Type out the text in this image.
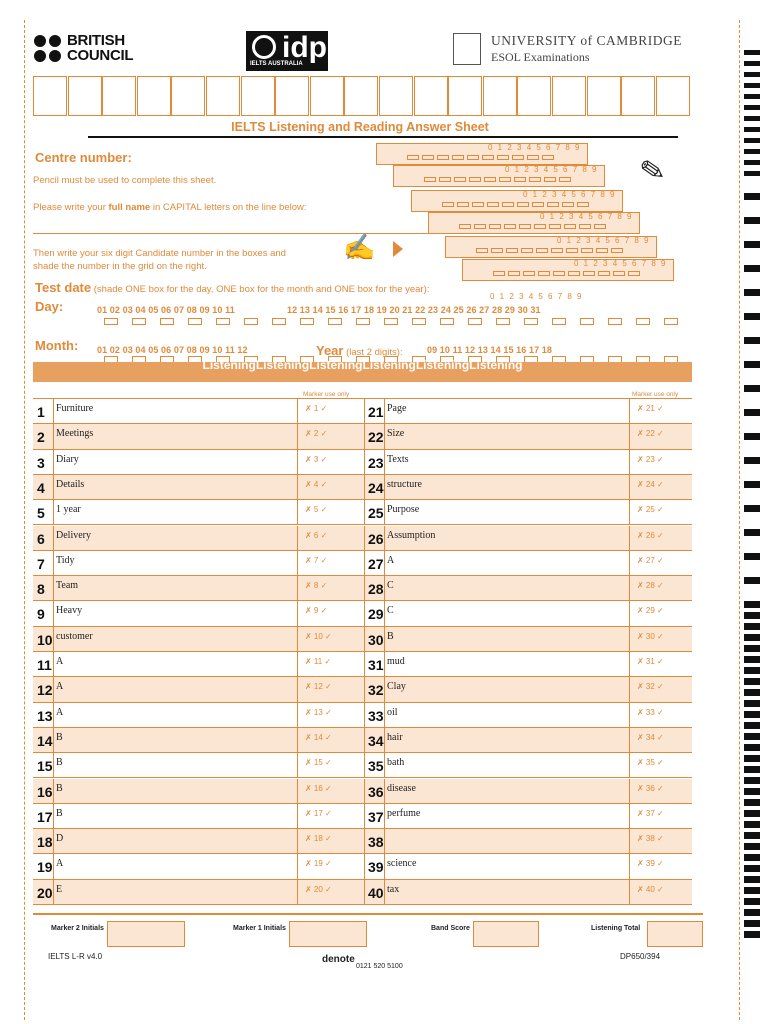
BRITISH
COUNCIL	idp
IELTS AUSTRALIA
UNIVERSITY of CAMBRIDGE
ESOL Examinations
IELTS Listening and Reading Answer Sheet
Centre number:
Pencil must be used to complete this sheet.
Please write your full name in CAPITAL letters on the line below:
Then write your six digit Candidate number in the boxes and
shade the number in the grid on the right.
✍
✎
0 1 2 3 4 5 6 7 8 9
0 1 2 3 4 5 6 7 8 9
0 1 2 3 4 5 6 7 8 9
0 1 2 3 4 5 6 7 8 9
0 1 2 3 4 5 6 7 8 9
0 1 2 3 4 5 6 7 8 9
0 1 2 3 4 5 6 7 8 9
Test date (shade ONE box for the day, ONE box for the month and ONE box for the year):
Day:	01 02 03 04 05 06 07 08 09 10 11	12 13 14 15 16 17 18 19 20 21 22 23 24 25 26 27 28 29 30 31
Month: 01 02 03 04 05 06 07 08 09 10 11 12	Year (last 2 digits):	09 10 11 12 13 14 15 16 17 18
ListeningListeningListeningListeningListeningListening
Marker use only	Marker use only
1 Furniture	✗ 1 ✓	21 Page	✗ 21 ✓
2 Meetings	✗ 2 ✓	22 Size	✗ 22 ✓
3 Diary	✗ 3 ✓	23 Texts	✗ 23 ✓
4 Details	✗ 4 ✓	24 structure	✗ 24 ✓
5 1 year	✗ 5 ✓	25 Purpose	✗ 25 ✓
6 Delivery	✗ 6 ✓	26 Assumption	✗ 26 ✓
7 Tidy	✗ 7 ✓	27 A	✗ 27 ✓
8 Team	✗ 8 ✓	28 C	✗ 28 ✓
9 Heavy	✗ 9 ✓	29 C	✗ 29 ✓
10 customer	✗ 10 ✓	30 B	✗ 30 ✓
11 A	✗ 11 ✓	31 mud	✗ 31 ✓
12 A	✗ 12 ✓	32 Clay	✗ 32 ✓
13 A	✗ 13 ✓	33 oil	✗ 33 ✓
14 B	✗ 14 ✓	34 hair	✗ 34 ✓
15 B	✗ 15 ✓	35 bath	✗ 35 ✓
16 B	✗ 16 ✓	36 disease	✗ 36 ✓
17 B	✗ 17 ✓	37 perfume	✗ 37 ✓
18 D	✗ 18 ✓	38	✗ 38 ✓
19 A	✗ 19 ✓	39 science	✗ 39 ✓
20 E	✗ 20 ✓	40 tax	✗ 40 ✓
Marker 2 Initials	Marker 1 Initials	Band Score	Listening Total
IELTS L-R v4.0	denote
0121 520 5100
DP650/394
